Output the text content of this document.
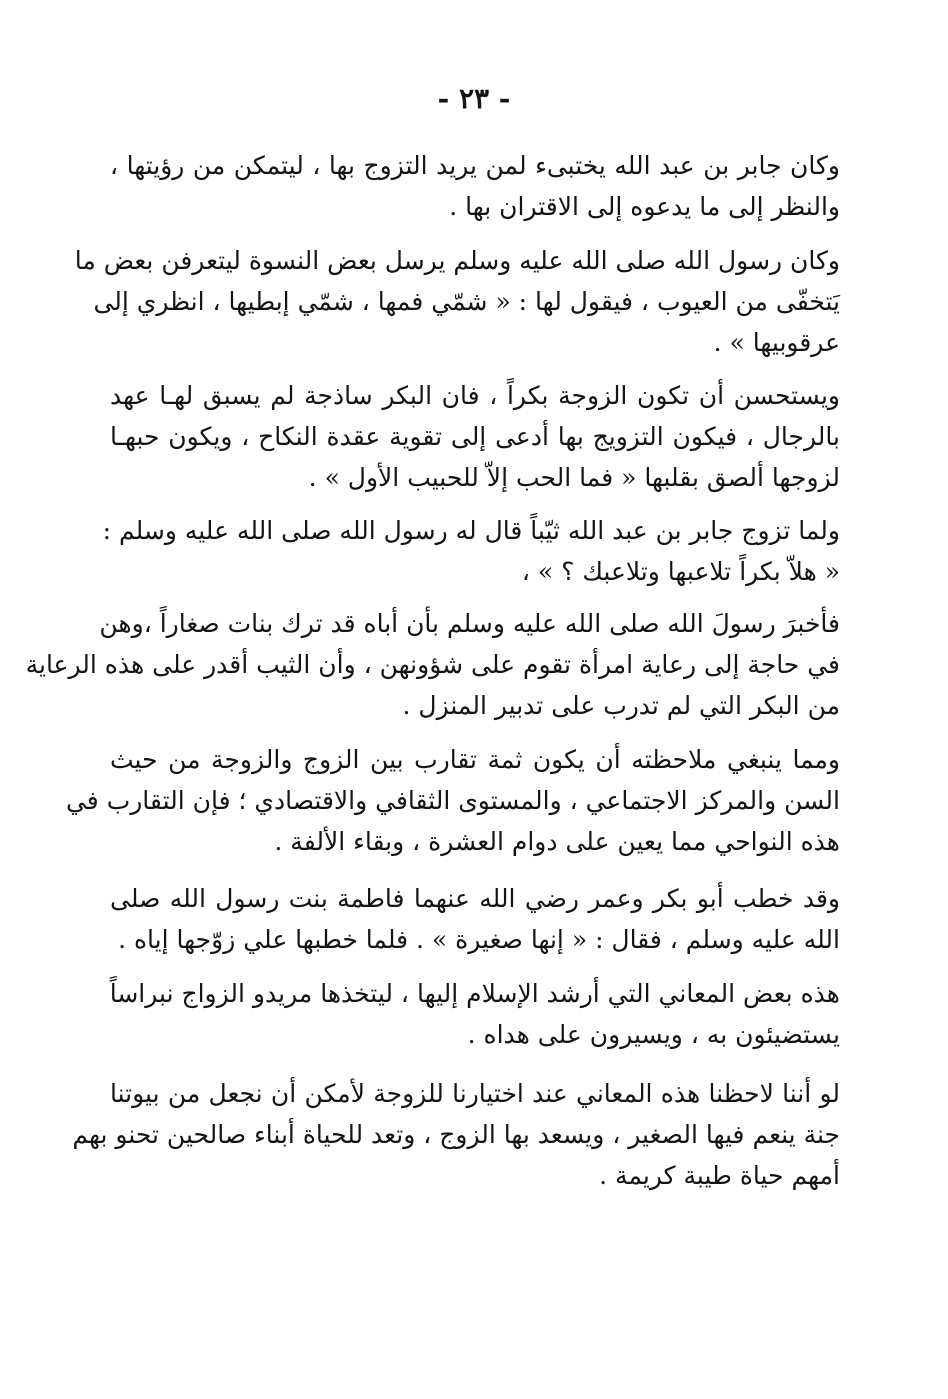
- ٢٣ -
وكان جابر بن عبد الله يختبىء لمن يريد التزوج بها ، ليتمكن من رؤيتها ،
والنظر إلى ما يدعوه إلى الاقتران بها .
وكان رسول الله صلى الله عليه وسلم يرسل بعض النسوة ليتعرفن بعض ما
يَتخفّى من العيوب ، فيقول لها : « شمّي فمها ، شمّي إبطيها ، انظري إلى
عرقوبيها » .
ويستحسن أن تكون الزوجة بكراً ، فان البكر ساذجة لم يسبق لهـا عهد
بالرجال ، فيكون التزويج بها أدعى إلى تقوية عقدة النكاح ، ويكون حبهـا
لزوجها ألصق بقلبها « فما الحب إلاّ للحبيب الأول » .
ولما تزوج جابر بن عبد الله ثيّباً قال له رسول الله صلى الله عليه وسلم :
« هلاّ بكراً تلاعبها وتلاعبك ؟ » ،
فأخبرَ رسولَ الله صلى الله عليه وسلم بأن أباه قد ترك بنات صغاراً ،وهن
في حاجة إلى رعاية امرأة تقوم على شؤونهن ، وأن الثيب أقدر على هذه الرعاية
من البكر التي لم تدرب على تدبير المنزل .
ومما ينبغي ملاحظته أن يكون ثمة تقارب بين الزوج والزوجة من حيث
السن والمركز الاجتماعي ، والمستوى الثقافي والاقتصادي ؛ فإن التقارب في
هذه النواحي مما يعين على دوام العشرة ، وبقاء الألفة .
وقد خطب أبو بكر وعمر رضي الله عنهما فاطمة بنت رسول الله صلى
الله عليه وسلم ، فقال : « إنها صغيرة » . فلما خطبها علي زوّجها إياه .
هذه بعض المعاني التي أرشد الإسلام إليها ، ليتخذها مريدو الزواج نبراساً
يستضيئون به ، ويسيرون على هداه .
لو أننا لاحظنا هذه المعاني عند اختيارنا للزوجة لأمكن أن نجعل من بيوتنا
جنة ينعم فيها الصغير ، ويسعد بها الزوج ، وتعد للحياة أبناء صالحين تحنو بهم
أمهم حياة طيبة كريمة .
